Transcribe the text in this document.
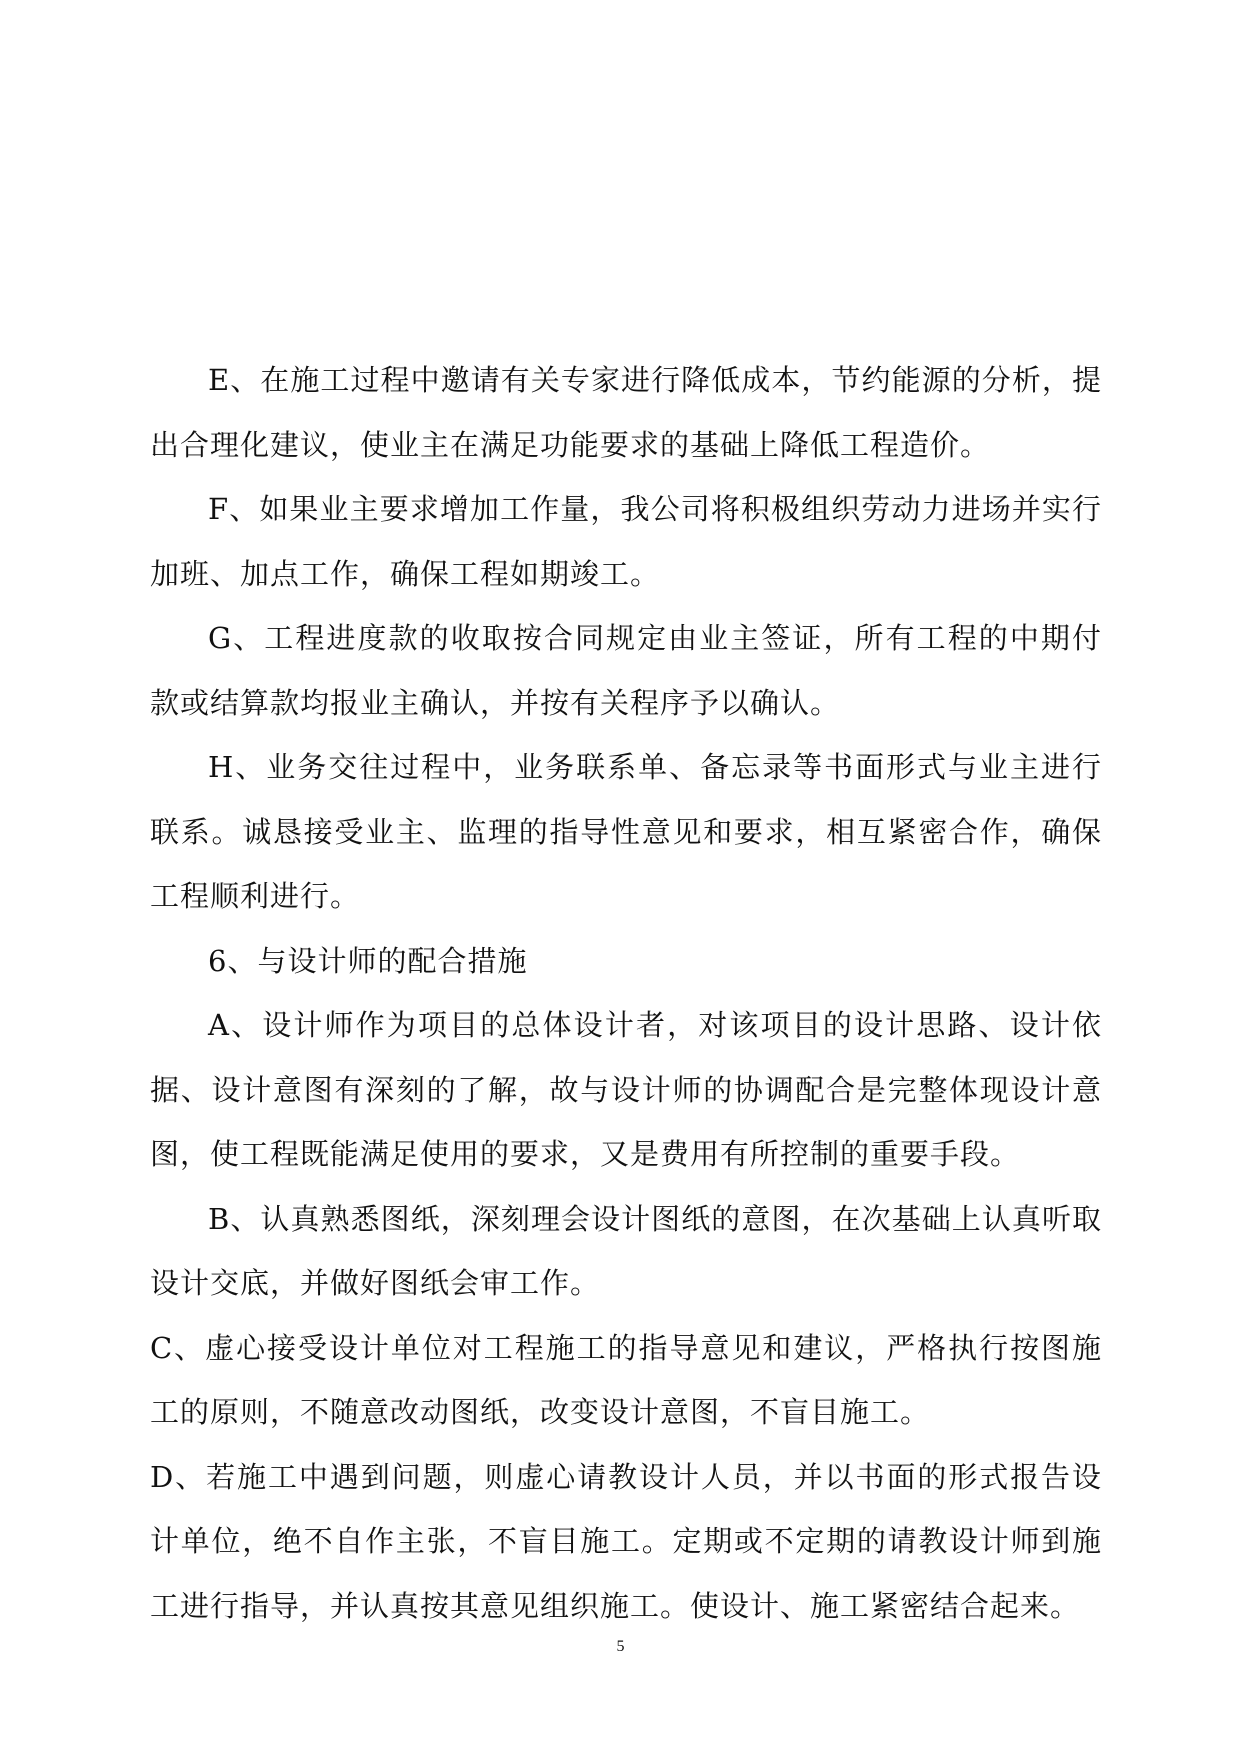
E、在施工过程中邀请有关专家进行降低成本，节约能源的分析，提出合理化建议，使业主在满足功能要求的基础上降低工程造价。

F、如果业主要求增加工作量，我公司将积极组织劳动力进场并实行加班、加点工作，确保工程如期竣工。

G、工程进度款的收取按合同规定由业主签证，所有工程的中期付款或结算款均报业主确认，并按有关程序予以确认。

H、业务交往过程中，业务联系单、备忘录等书面形式与业主进行联系。诚恳接受业主、监理的指导性意见和要求，相互紧密合作，确保工程顺利进行。

6、与设计师的配合措施

A、设计师作为项目的总体设计者，对该项目的设计思路、设计依据、设计意图有深刻的了解，故与设计师的协调配合是完整体现设计意图，使工程既能满足使用的要求，又是费用有所控制的重要手段。

B、认真熟悉图纸，深刻理会设计图纸的意图，在次基础上认真听取设计交底，并做好图纸会审工作。

C、虚心接受设计单位对工程施工的指导意见和建议，严格执行按图施工的原则，不随意改动图纸，改变设计意图，不盲目施工。

D、若施工中遇到问题，则虚心请教设计人员，并以书面的形式报告设计单位，绝不自作主张，不盲目施工。定期或不定期的请教设计师到施工进行指导，并认真按其意见组织施工。使设计、施工紧密结合起来。

5
